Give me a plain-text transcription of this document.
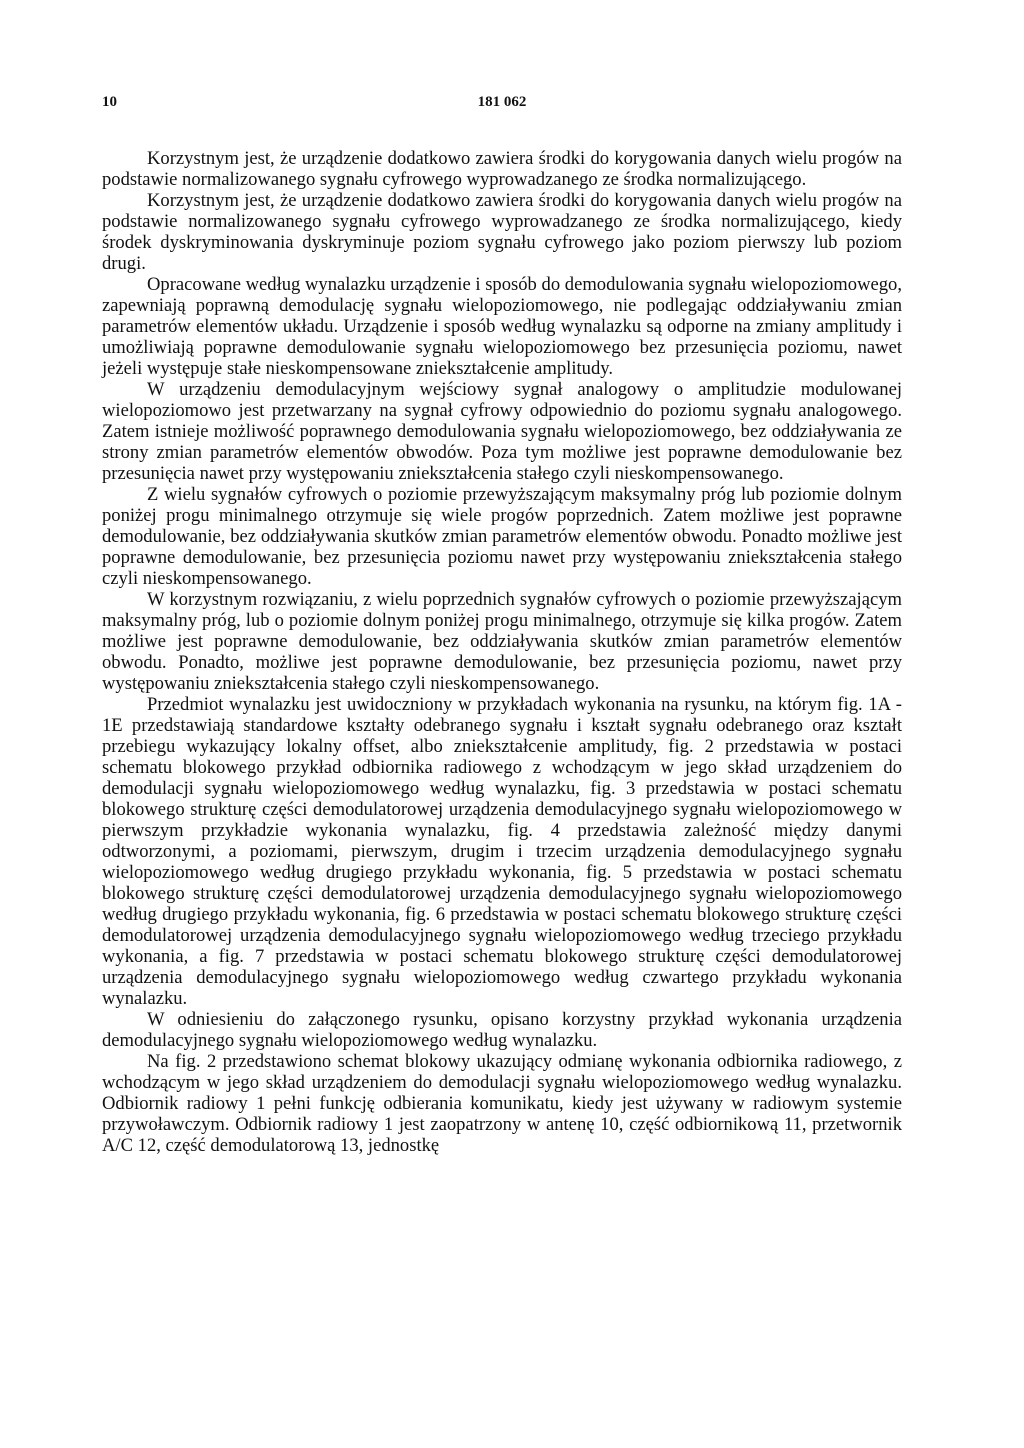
10	181 062

Korzystnym jest, że urządzenie dodatkowo zawiera środki do korygowania danych wielu progów na podstawie normalizowanego sygnału cyfrowego wyprowadzanego ze środka normalizującego.

Korzystnym jest, że urządzenie dodatkowo zawiera środki do korygowania danych wielu progów na podstawie normalizowanego sygnału cyfrowego wyprowadzanego ze środka normalizującego, kiedy środek dyskryminowania dyskryminuje poziom sygnału cyfrowego jako poziom pierwszy lub poziom drugi.

Opracowane według wynalazku urządzenie i sposób do demodulowania sygnału wielopoziomowego, zapewniają poprawną demodulację sygnału wielopoziomowego, nie podlegając oddziaływaniu zmian parametrów elementów układu. Urządzenie i sposób według wynalazku są odporne na zmiany amplitudy i umożliwiają poprawne demodulowanie sygnału wielopoziomowego bez przesunięcia poziomu, nawet jeżeli występuje stałe nieskompensowane zniekształcenie amplitudy.

W urządzeniu demodulacyjnym wejściowy sygnał analogowy o amplitudzie modulowanej wielopoziomowo jest przetwarzany na sygnał cyfrowy odpowiednio do poziomu sygnału analogowego. Zatem istnieje możliwość poprawnego demodulowania sygnału wielopoziomowego, bez oddziaływania ze strony zmian parametrów elementów obwodów. Poza tym możliwe jest poprawne demodulowanie bez przesunięcia nawet przy występowaniu zniekształcenia stałego czyli nieskompensowanego.

Z wielu sygnałów cyfrowych o poziomie przewyższającym maksymalny próg lub poziomie dolnym poniżej progu minimalnego otrzymuje się wiele progów poprzednich. Zatem możliwe jest poprawne demodulowanie, bez oddziaływania skutków zmian parametrów elementów obwodu. Ponadto możliwe jest poprawne demodulowanie, bez przesunięcia poziomu nawet przy występowaniu zniekształcenia stałego czyli nieskompensowanego.

W korzystnym rozwiązaniu, z wielu poprzednich sygnałów cyfrowych o poziomie przewyższającym maksymalny próg, lub o poziomie dolnym poniżej progu minimalnego, otrzymuje się kilka progów. Zatem możliwe jest poprawne demodulowanie, bez oddziaływania skutków zmian parametrów elementów obwodu. Ponadto, możliwe jest poprawne demodulowanie, bez przesunięcia poziomu, nawet przy występowaniu zniekształcenia stałego czyli nieskompensowanego.

Przedmiot wynalazku jest uwidoczniony w przykładach wykonania na rysunku, na którym fig. 1A - 1E przedstawiają standardowe kształty odebranego sygnału i kształt sygnału odebranego oraz kształt przebiegu wykazujący lokalny offset, albo zniekształcenie amplitudy, fig. 2 przedstawia w postaci schematu blokowego przykład odbiornika radiowego z wchodzącym w jego skład urządzeniem do demodulacji sygnału wielopoziomowego według wynalazku, fig. 3 przedstawia w postaci schematu blokowego strukturę części demodulatorowej urządzenia demodulacyjnego sygnału wielopoziomowego w pierwszym przykładzie wykonania wynalazku, fig. 4 przedstawia zależność między danymi odtworzonymi, a poziomami, pierwszym, drugim i trzecim urządzenia demodulacyjnego sygnału wielopoziomowego według drugiego przykładu wykonania, fig. 5 przedstawia w postaci schematu blokowego strukturę części demodulatorowej urządzenia demodulacyjnego sygnału wielopoziomowego według drugiego przykładu wykonania, fig. 6 przedstawia w postaci schematu blokowego strukturę części demodulatorowej urządzenia demodulacyjnego sygnału wielopoziomowego według trzeciego przykładu wykonania, a fig. 7 przedstawia w postaci schematu blokowego strukturę części demodulatorowej urządzenia demodulacyjnego sygnału wielopoziomowego według czwartego przykładu wykonania wynalazku.

W odniesieniu do załączonego rysunku, opisano korzystny przykład wykonania urządzenia demodulacyjnego sygnału wielopoziomowego według wynalazku.

Na fig. 2 przedstawiono schemat blokowy ukazujący odmianę wykonania odbiornika radiowego, z wchodzącym w jego skład urządzeniem do demodulacji sygnału wielopoziomowego według wynalazku. Odbiornik radiowy 1 pełni funkcję odbierania komunikatu, kiedy jest używany w radiowym systemie przywoławczym. Odbiornik radiowy 1 jest zaopatrzony w antenę 10, część odbiornikową 11, przetwornik A/C 12, część demodulatorową 13, jednostkę
